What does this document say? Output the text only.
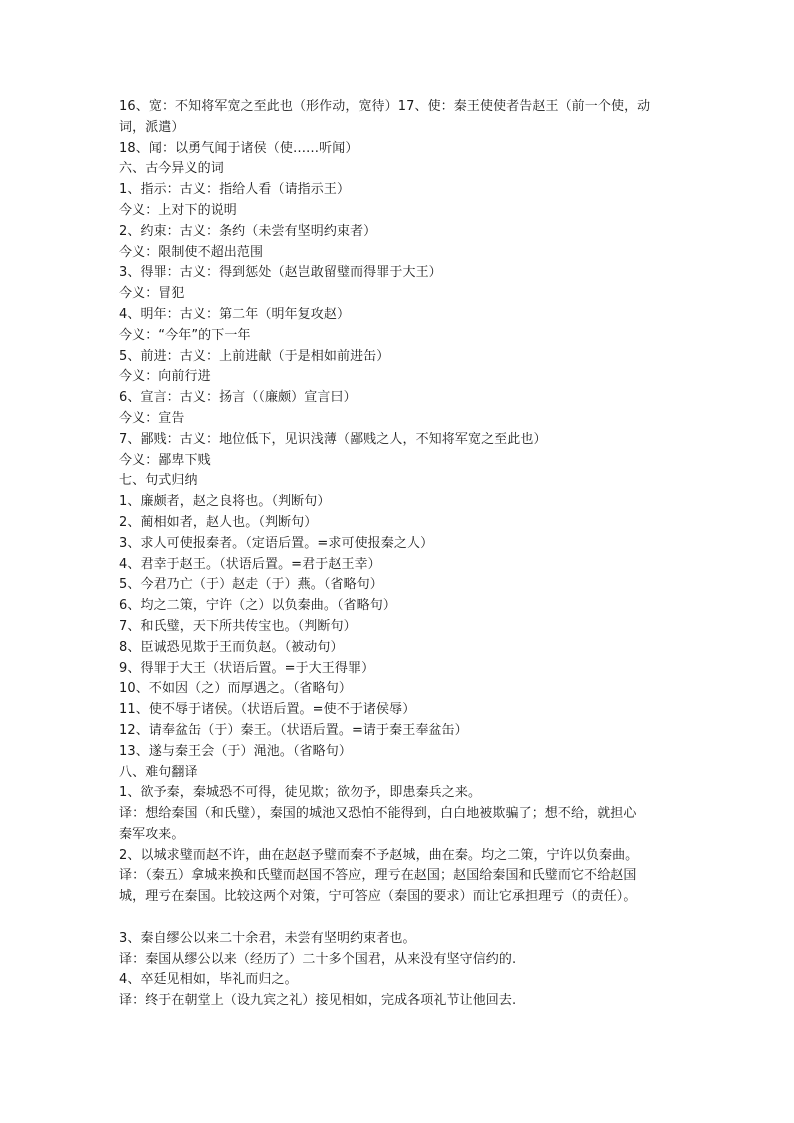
16、宽：不知将军宽之至此也（形作动，宽待）17、使：秦王使使者告赵王（前一个使，动
词，派遣）
18、闻：以勇气闻于诸侯（使……听闻）
六、古今异义的词
1、指示：古义：指给人看（请指示王）
今义：上对下的说明
2、约束：古义：条约（未尝有坚明约束者）
今义：限制使不超出范围
3、得罪：古义：得到惩处（赵岂敢留璧而得罪于大王）
今义：冒犯
4、明年：古义：第二年（明年复攻赵）
今义：“今年”的下一年
5、前进：古义：上前进献（于是相如前进缶）
今义：向前行进
6、宣言：古义：扬言（（廉颇）宣言曰）
今义：宣告
7、鄙贱：古义：地位低下，见识浅薄（鄙贱之人，不知将军宽之至此也）
今义：鄙卑下贱
七、句式归纳
1、廉颇者，赵之良将也。（判断句）
2、蔺相如者，赵人也。（判断句）
3、求人可使报秦者。（定语后置。=求可使报秦之人）
4、君幸于赵王。（状语后置。=君于赵王幸）
5、今君乃亡（于）赵走（于）燕。（省略句）
6、均之二策，宁许（之）以负秦曲。（省略句）
7、和氏璧，天下所共传宝也。（判断句）
8、臣诚恐见欺于王而负赵。（被动句）
9、得罪于大王（状语后置。=于大王得罪）
10、不如因（之）而厚遇之。（省略句）
11、使不辱于诸侯。（状语后置。=使不于诸侯辱）
12、请奉盆缶（于）秦王。（状语后置。=请于秦王奉盆缶）
13、遂与秦王会（于）渑池。（省略句）
八、难句翻译
1、欲予秦，秦城恐不可得，徒见欺；欲勿予，即患秦兵之来。
译：想给秦国（和氏璧），秦国的城池又恐怕不能得到，白白地被欺骗了；想不给，就担心
秦军攻来。
2、以城求璧而赵不许，曲在赵赵予璧而秦不予赵城，曲在秦。均之二策，宁许以负秦曲。
译：（秦五）拿城来换和氏璧而赵国不答应，理亏在赵国；赵国给秦国和氏璧而它不给赵国
城，理亏在秦国。比较这两个对策，宁可答应（秦国的要求）而让它承担理亏（的责任）。
3、秦自缪公以来二十余君，未尝有坚明约束者也。
译：秦国从缪公以来（经历了）二十多个国君，从来没有坚守信约的.
4、卒廷见相如，毕礼而归之。
译：终于在朝堂上（设九宾之礼）接见相如，完成各项礼节让他回去.
